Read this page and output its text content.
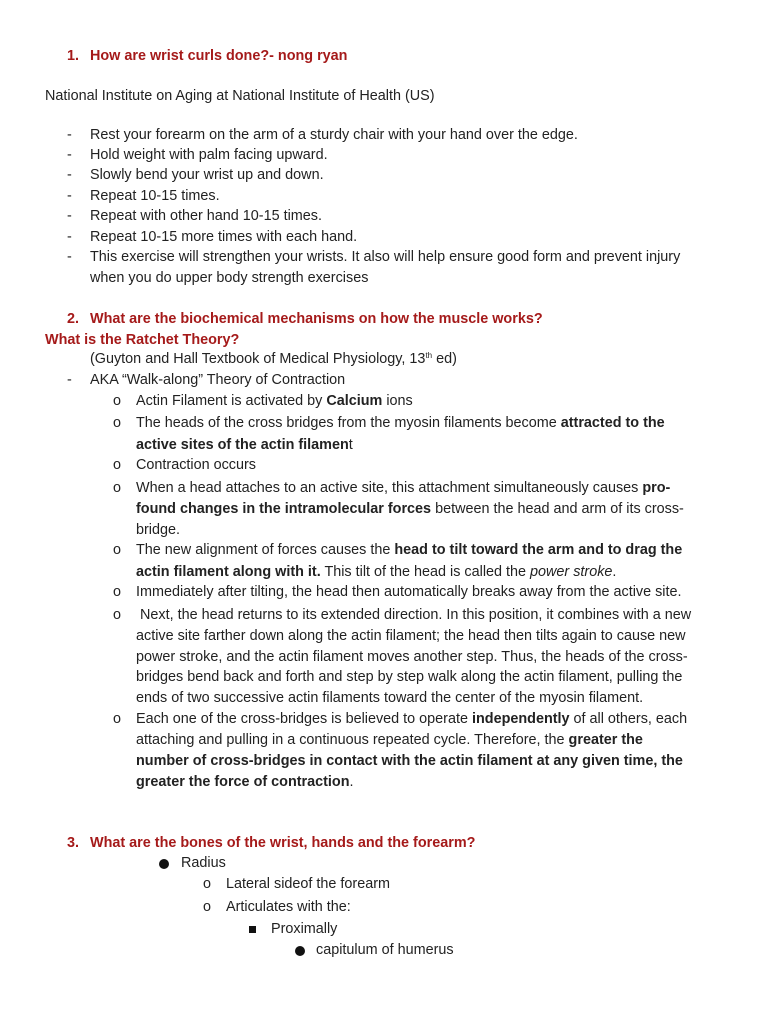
1. How are wrist curls done?- nong ryan
National Institute on Aging at National Institute of Health (US)
- Rest your forearm on the arm of a sturdy chair with your hand over the edge.
- Hold weight with palm facing upward.
- Slowly bend your wrist up and down.
- Repeat 10-15 times.
- Repeat with other hand 10-15 times.
- Repeat 10-15 more times with each hand.
- This exercise will strengthen your wrists. It also will help ensure good form and prevent injury
when you do upper body strength exercises
2. What are the biochemical mechanisms on how the muscle works?
What is the Ratchet Theory?
(Guyton and Hall Textbook of Medical Physiology, 13th ed)
- AKA “Walk-along” Theory of Contraction
o Actin Filament is activated by Calcium ions
o The heads of the cross bridges from the myosin filaments become attracted to the
active sites of the actin filament
o Contraction occurs
o When a head attaches to an active site, this attachment simultaneously causes pro-
found changes in the intramolecular forces between the head and arm of its cross-
bridge.
o The new alignment of forces causes the head to tilt toward the arm and to drag the
actin filament along with it. This tilt of the head is called the power stroke.
o Immediately after tilting, the head then automatically breaks away from the active site.
o Next, the head returns to its extended direction. In this position, it combines with a new
active site farther down along the actin filament; the head then tilts again to cause new
power stroke, and the actin filament moves another step. Thus, the heads of the cross-
bridges bend back and forth and step by step walk along the actin filament, pulling the
ends of two successive actin filaments toward the center of the myosin filament.
o Each one of the cross-bridges is believed to operate independently of all others, each
attaching and pulling in a continuous repeated cycle. Therefore, the greater the
number of cross-bridges in contact with the actin filament at any given time, the
greater the force of contraction.
3. What are the bones of the wrist, hands and the forearm?
Radius
o Lateral sideof the forearm
o Articulates with the:
Proximally
capitulum of humerus
